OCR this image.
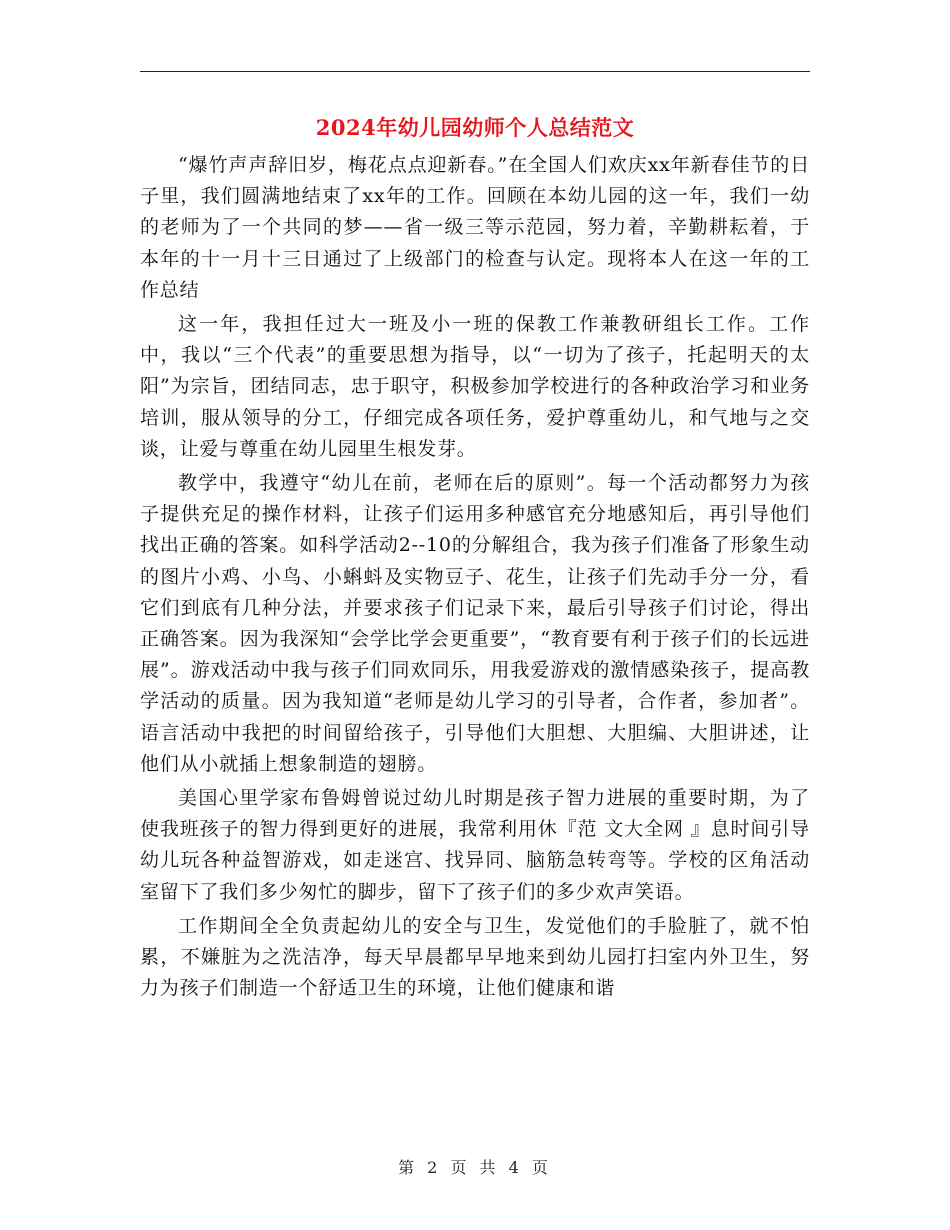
2024年幼儿园幼师个人总结范文

“爆竹声声辞旧岁，梅花点点迎新春。”在全国人们欢庆xx年新春佳节的日子里，我们圆满地结束了xx年的工作。回顾在本幼儿园的这一年，我们一幼的老师为了一个共同的梦——省一级三等示范园，努力着，辛勤耕耘着，于本年的十一月十三日通过了上级部门的检查与认定。现将本人在这一年的工作总结

这一年，我担任过大一班及小一班的保教工作兼教研组长工作。工作中，我以“三个代表”的重要思想为指导，以“一切为了孩子，托起明天的太阳”为宗旨，团结同志，忠于职守，积极参加学校进行的各种政治学习和业务培训，服从领导的分工，仔细完成各项任务，爱护尊重幼儿，和气地与之交谈，让爱与尊重在幼儿园里生根发芽。

教学中，我遵守“幼儿在前，老师在后的原则”。每一个活动都努力为孩子提供充足的操作材料，让孩子们运用多种感官充分地感知后，再引导他们找出正确的答案。如科学活动2--10的分解组合，我为孩子们准备了形象生动的图片小鸡、小鸟、小蝌蚪及实物豆子、花生，让孩子们先动手分一分，看它们到底有几种分法，并要求孩子们记录下来，最后引导孩子们讨论，得出正确答案。因为我深知“会学比学会更重要”，“教育要有利于孩子们的长远进展”。游戏活动中我与孩子们同欢同乐，用我爱游戏的激情感染孩子，提高教学活动的质量。因为我知道“老师是幼儿学习的引导者，合作者，参加者”。语言活动中我把的时间留给孩子，引导他们大胆想、大胆编、大胆讲述，让他们从小就插上想象制造的翅膀。

美国心里学家布鲁姆曾说过幼儿时期是孩子智力进展的重要时期，为了使我班孩子的智力得到更好的进展，我常利用休『范 文大全网 』息时间引导幼儿玩各种益智游戏，如走迷宫、找异同、脑筋急转弯等。学校的区角活动室留下了我们多少匆忙的脚步，留下了孩子们的多少欢声笑语。

工作期间全全负责起幼儿的安全与卫生，发觉他们的手脸脏了，就不怕累，不嫌脏为之洗洁净，每天早晨都早早地来到幼儿园打扫室内外卫生，努力为孩子们制造一个舒适卫生的环境，让他们健康和谐

第 2 页 共 4 页
